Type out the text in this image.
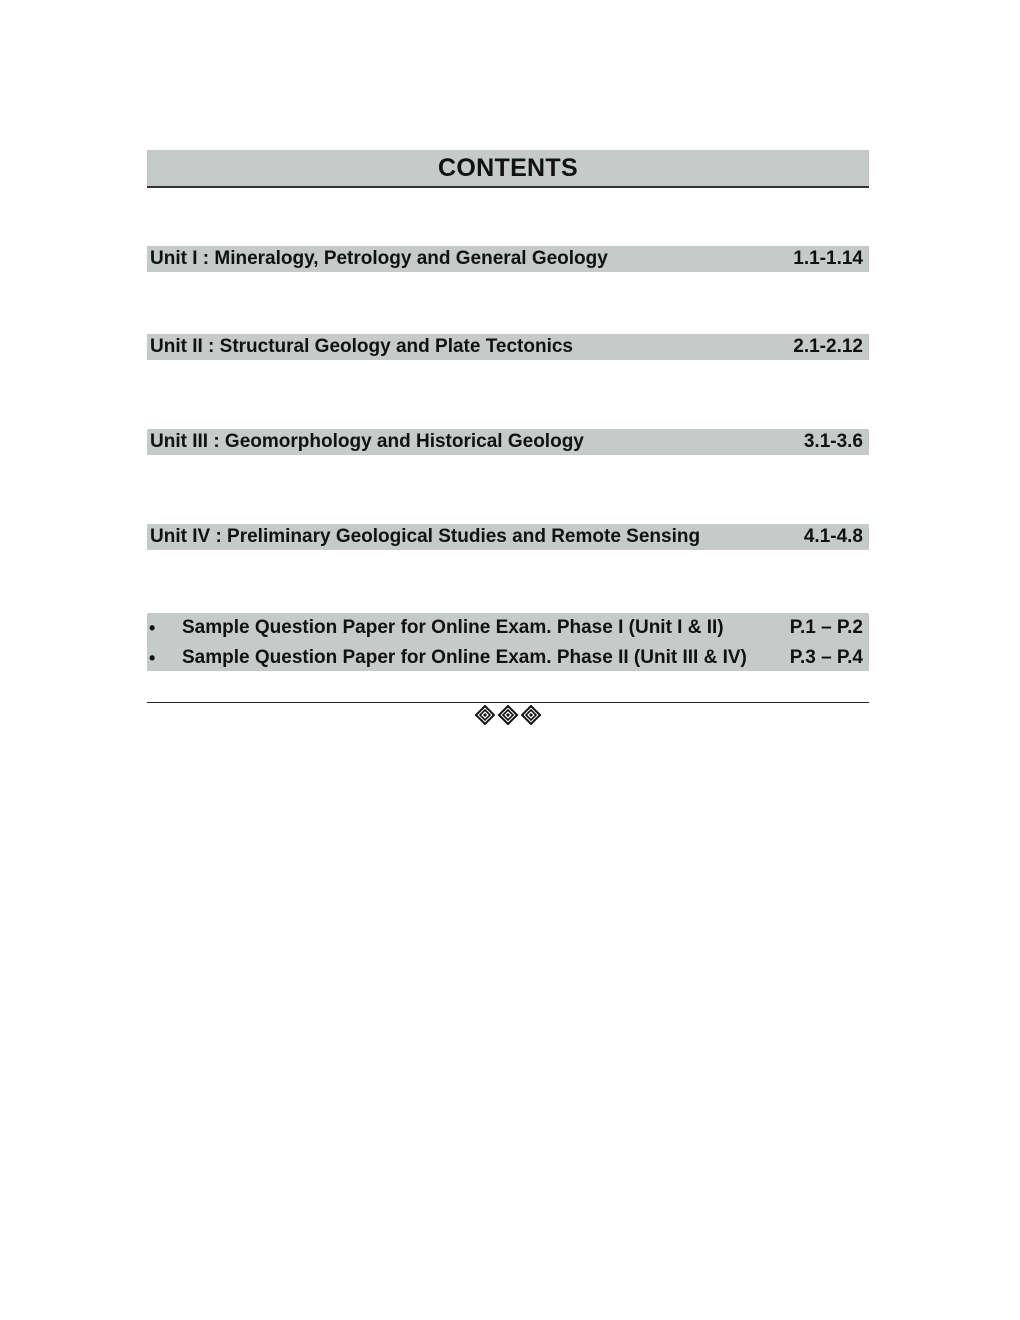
CONTENTS
Unit I : Mineralogy, Petrology and General Geology	1.1-1.14
Unit II : Structural Geology and Plate Tectonics	2.1-2.12
Unit III : Geomorphology and Historical Geology	3.1-3.6
Unit IV : Preliminary Geological Studies and Remote Sensing	4.1-4.8
•	Sample Question Paper for Online Exam. Phase I (Unit I & II)	P.1 – P.2
•	Sample Question Paper for Online Exam. Phase II (Unit III & IV)	P.3 – P.4
